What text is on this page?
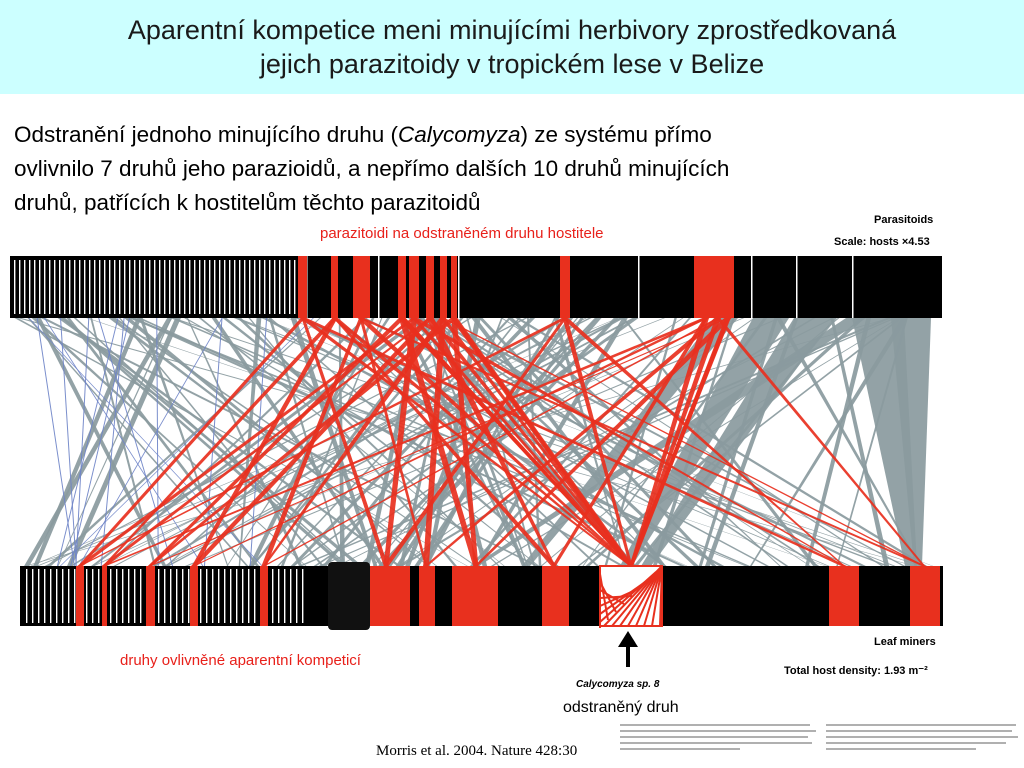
Aparentní kompetice meni minujícími herbivory zprostředkovaná
jejich parazitoidy v tropickém lese v Belize
Odstranění jednoho minujícího druhu (Calycomyza) ze systému přímo
ovlivnilo 7 druhů jeho parazioidů, a nepřímo dalších 10 druhů minujících
druhů, patřících k hostitelům těchto parazitoidů
Parasitoids
Scale: hosts ×4.53
parazitoidi na odstraněném druhu hostitele
Leaf miners
Total host density: 1.93 m⁻²
druhy ovlivněné aparentní kompeticí
Calycomyza sp. 8
odstraněný druh
Morris et al. 2004. Nature 428:30
